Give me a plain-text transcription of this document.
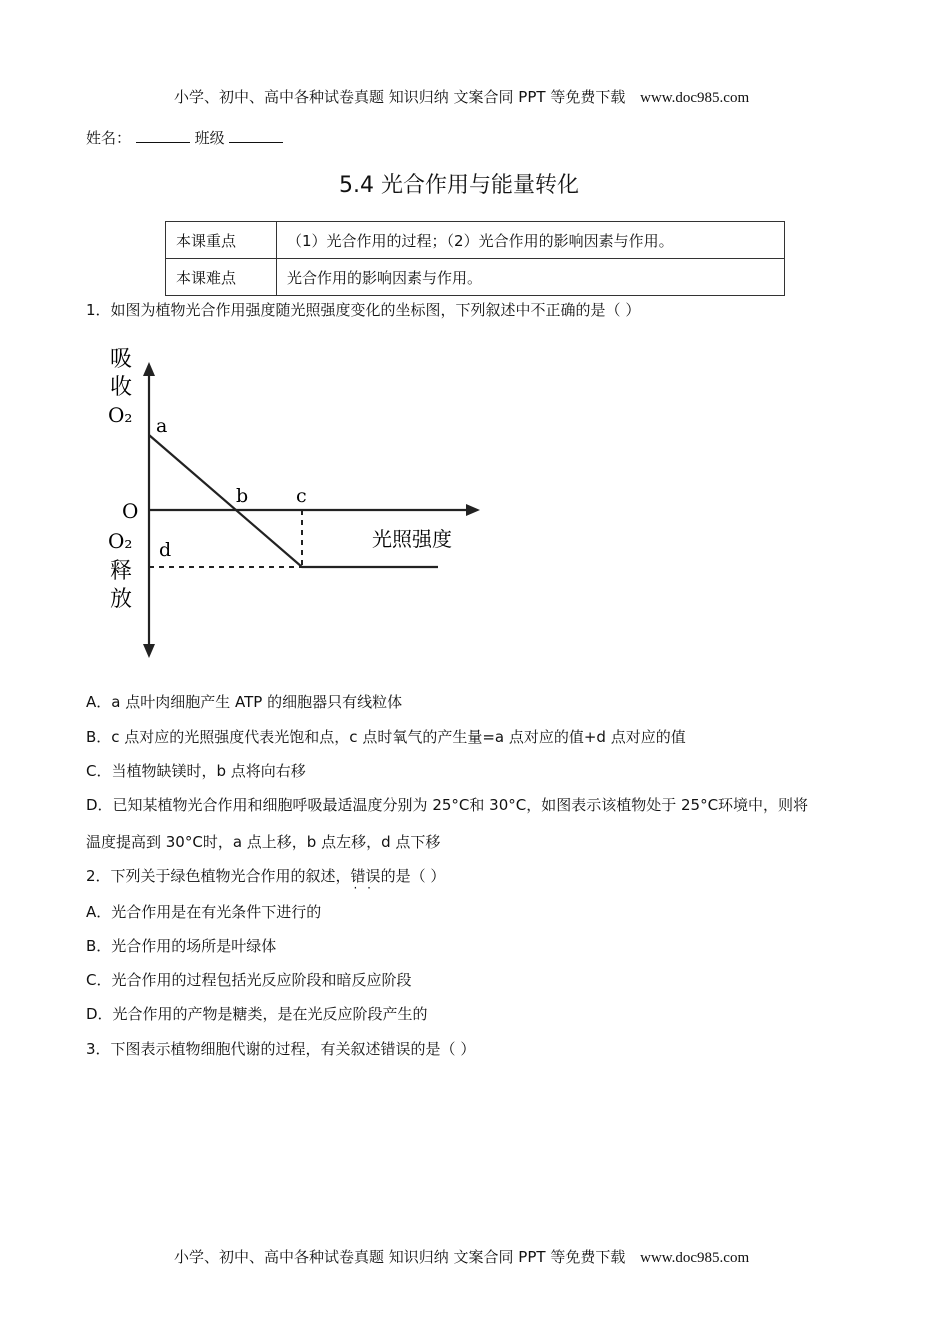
小学、初中、高中各种试卷真题 知识归纳 文案合同 PPT 等免费下载 www.doc985.com
姓名：	班级
5.4 光合作用与能量转化
本课重点	（1）光合作用的过程；（2）光合作用的影响因素与作用。
本课难点	光合作用的影响因素与作用。
1．如图为植物光合作用强度随光照强度变化的坐标图，下列叙述中不正确的是（ ）
吸
收
O₂
O
O₂
释
放
a
b	c
d	光照强度
A．a 点叶肉细胞产生 ATP 的细胞器只有线粒体
B．c 点对应的光照强度代表光饱和点，c 点时氧气的产生量=a 点对应的值+d 点对应的值
C．当植物缺镁时，b 点将向右移
D．已知某植物光合作用和细胞呼吸最适温度分别为 25°C和 30°C，如图表示该植物处于 25°C环境中，则将
温度提高到 30°C时，a 点上移，b 点左移，d 点下移
2．下列关于绿色植物光合作用的叙述，错误 · ·的是（ ）
A．光合作用是在有光条件下进行的
B．光合作用的场所是叶绿体
C．光合作用的过程包括光反应阶段和暗反应阶段
D．光合作用的产物是糖类，是在光反应阶段产生的
3．下图表示植物细胞代谢的过程，有关叙述错误的是（ ）
小学、初中、高中各种试卷真题 知识归纳 文案合同 PPT 等免费下载 www.doc985.com
